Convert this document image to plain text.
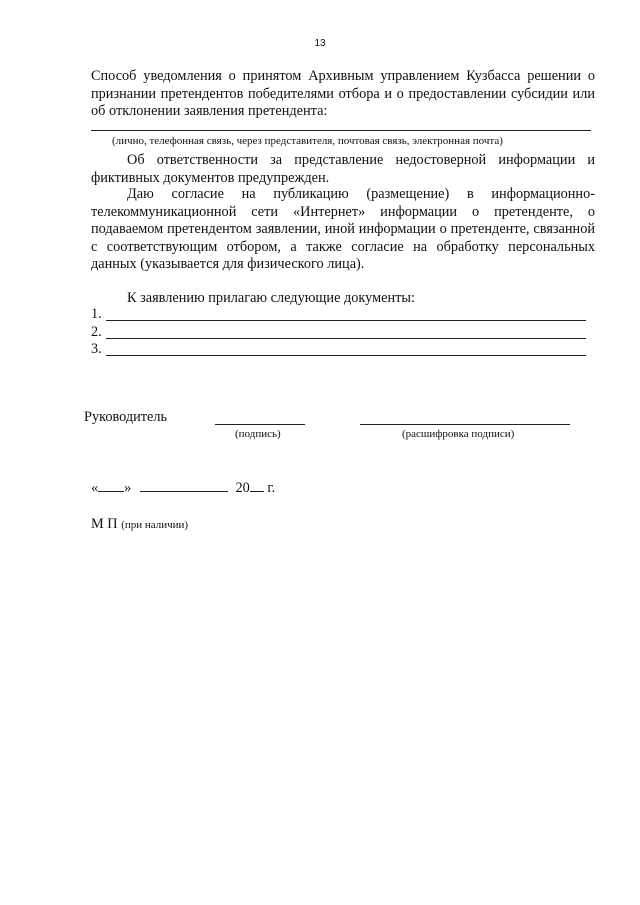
13
Способ уведомления о принятом Архивным управлением Кузбасса решении о признании претендентов победителями отбора и о предоставлении субсидии или об отклонении заявления претендента:
(лично, телефонная связь, через представителя, почтовая связь, электронная почта)
Об ответственности за представление недостоверной информации и фиктивных документов предупрежден.
Даю согласие на публикацию (размещение) в информационно-телекоммуникационной сети «Интернет» информации о претенденте, о подаваемом претендентом заявлении, иной информации о претенденте, связанной с соответствующим отбором, а также согласие на обработку персональных данных (указывается для физического лица).
К заявлению прилагаю следующие документы:
1.
2.
3.
Руководитель
(подпись)	(расшифровка подписи)
« »	20 г.
М П (при наличии)
